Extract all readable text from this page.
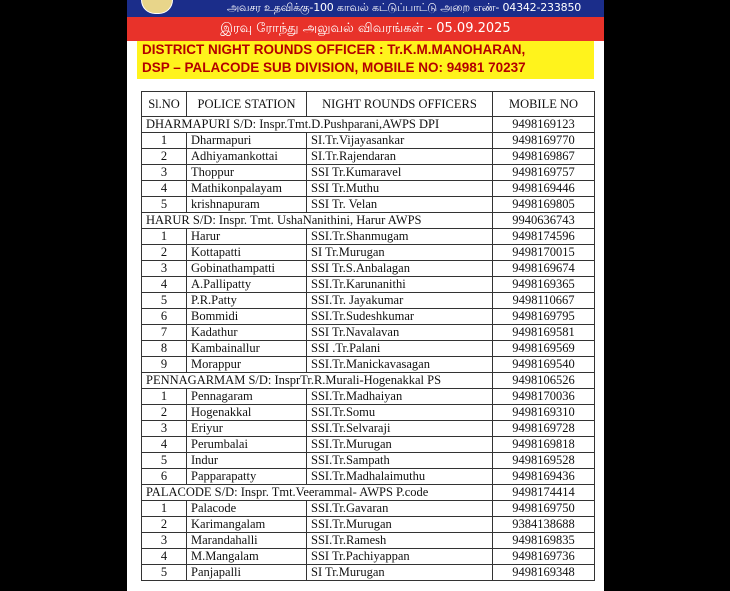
அவசர உதவிக்கு-100 காவல் கட்டுப்பாட்டு அறை எண்- 04342-233850
இரவு ரோந்து அலுவல் விவரங்கள் - 05.09.2025
DISTRICT NIGHT ROUNDS OFFICER : Tr.K.M.MANOHARAN,
DSP – PALACODE SUB DIVISION, MOBILE NO: 94981 70237
Sl.NO	POLICE STATION	NIGHT ROUNDS OFFICERS	MOBILE NO
DHARMAPURI S/D: Inspr.Tmt.D.Pushparani,AWPS DPI			9498169123
1	Dharmapuri	SI.Tr.Vijayasankar	9498169770
2	Adhiyamankottai	SI.Tr.Rajendaran	9498169867
3	Thoppur	SSI Tr.Kumaravel	9498169757
4	Mathikonpalayam	SSI Tr.Muthu	9498169446
5	krishnapuram	SSI Tr. Velan	9498169805
HARUR S/D: Inspr. Tmt. UshaNanithini, Harur AWPS			9940636743
1	Harur	SSI.Tr.Shanmugam	9498174596
2	Kottapatti	SI Tr.Murugan	9498170015
3	Gobinathampatti	SSI Tr.S.Anbalagan	9498169674
4	A.Pallipatty	SSI.Tr.Karunanithi	9498169365
5	P.R.Patty	SSI.Tr. Jayakumar	9498110667
6	Bommidi	SSI.Tr.Sudeshkumar	9498169795
7	Kadathur	SSI Tr.Navalavan	9498169581
8	Kambainallur	SSI .Tr.Palani	9498169569
9	Morappur	SSI.Tr.Manickavasagan	9498169540
PENNAGARMAM S/D: InsprTr.R.Murali-Hogenakkal PS			9498106526
1	Pennagaram	SSI.Tr.Madhaiyan	9498170036
2	Hogenakkal	SSI.Tr.Somu	9498169310
3	Eriyur	SSI.Tr.Selvaraji	9498169728
4	Perumbalai	SSI.Tr.Murugan	9498169818
5	Indur	SSI.Tr.Sampath	9498169528
6	Papparapatty	SSI.Tr.Madhalaimuthu	9498169436
PALACODE S/D: Inspr. Tmt.Veerammal- AWPS P.code			9498174414
1	Palacode	SSI.Tr.Gavaran	9498169750
2	Karimangalam	SSI.Tr.Murugan	9384138688
3	Marandahalli	SSI.Tr.Ramesh	9498169835
4	M.Mangalam	SSI Tr.Pachiyappan	9498169736
5	Panjapalli	SI Tr.Murugan	9498169348
